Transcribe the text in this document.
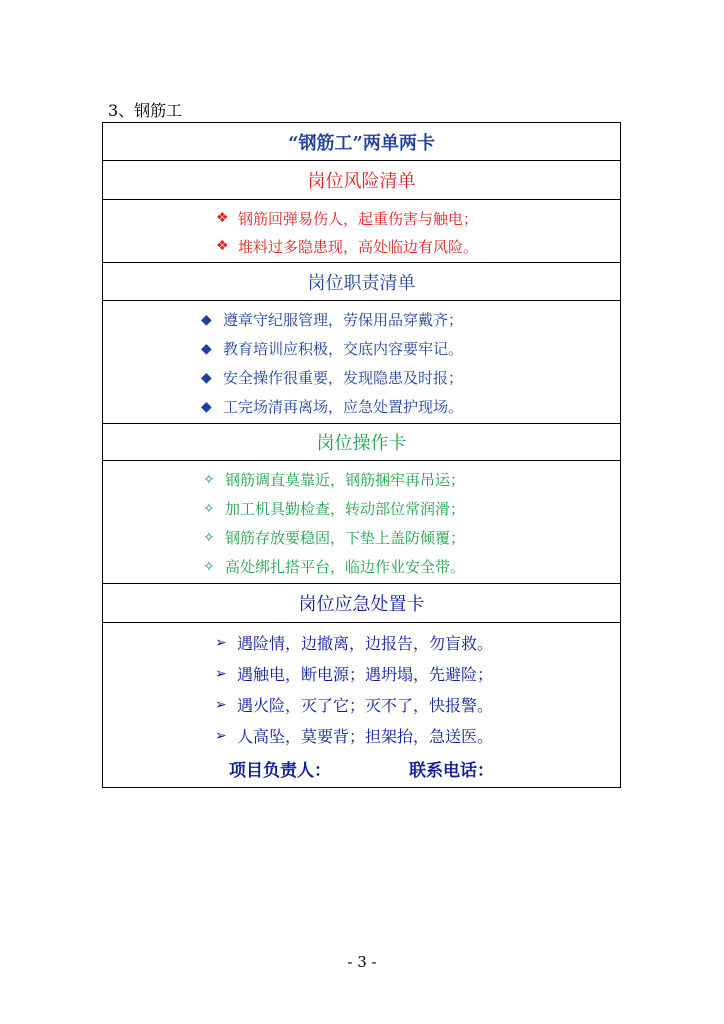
3、钢筋工
“钢筋工”两单两卡
岗位风险清单
❖ 钢筋回弹易伤人，起重伤害与触电；
❖ 堆料过多隐患现，高处临边有风险。
岗位职责清单
◆ 遵章守纪服管理，劳保用品穿戴齐；
◆ 教育培训应积极，交底内容要牢记。
◆ 安全操作很重要，发现隐患及时报；
◆ 工完场清再离场，应急处置护现场。
岗位操作卡
✧ 钢筋调直莫靠近，钢筋捆牢再吊运；
✧ 加工机具勤检查，转动部位常润滑；
✧ 钢筋存放要稳固，下垫上盖防倾覆；
✧ 高处绑扎搭平台，临边作业安全带。
岗位应急处置卡
➢ 遇险情，边撤离，边报告，勿盲救。
➢ 遇触电，断电源；遇坍塌，先避险；
➢ 遇火险，灭了它；灭不了，快报警。
➢ 人高坠，莫要背；担架抬，急送医。
项目负责人：	联系电话：
- 3 -
